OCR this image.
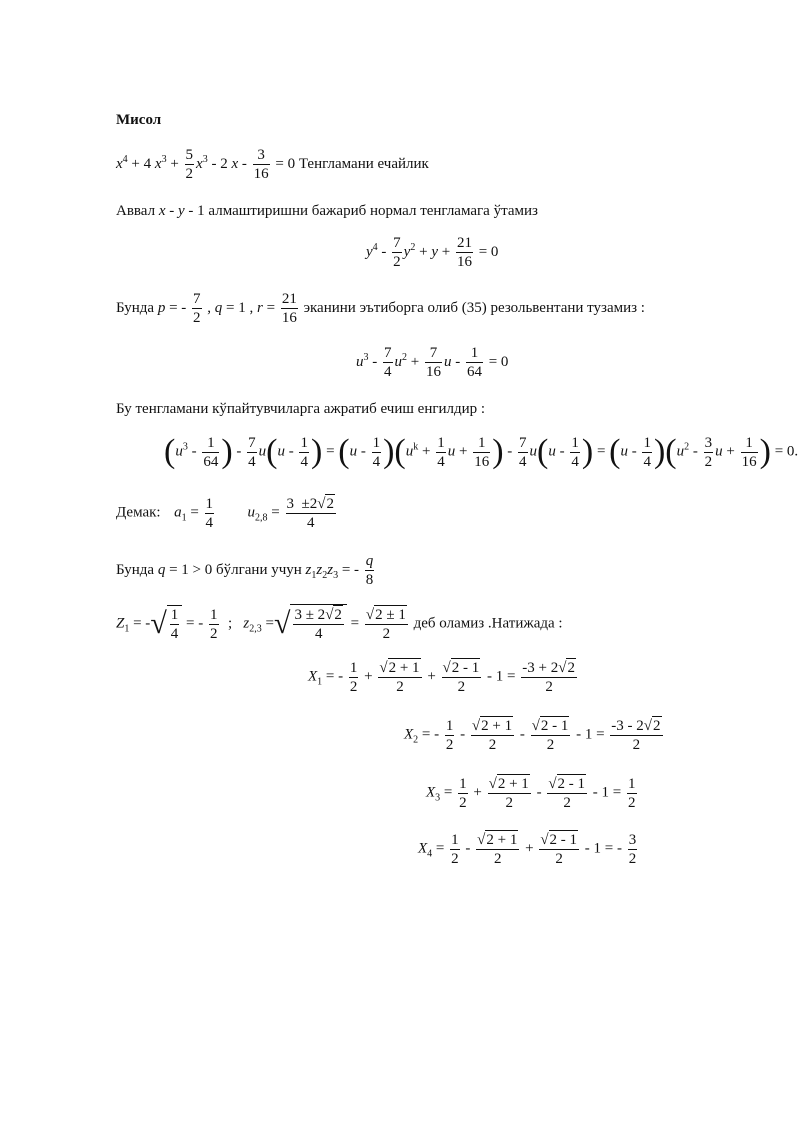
Мисол
$x^4 + 4$ $x^3 + \frac{5}{2} x^3 - 2$ $x - \frac{3}{16} = 0$ Тенгламани ечайлик
Аввал x - y - 1 алмаштиришни бажариб нормал тенгламага ўтамиз
$y^4 - \frac{7}{2} y^2 + y + \frac{21}{16} = 0$
Бунда p = - $\frac{7}{2}$ , q = 1 , $r = \frac{21}{16}$ эканини эътиборга олиб (35) резольвентани тузамиз :
$u^3 - \frac{7}{4} u^2 + \frac{7}{16}$ $u - \frac{1}{64} = 0$
Бу тенгламани кўпайтувчиларга ажратиб ечиш енгилдир :
($u^3 - \frac{1}{64}$ ) - $\frac{7}{4} u(u - \frac{1}{4}$ ) = $(u - \frac{1}{4} )(u^k + \frac{1}{4}$ $u + \frac{1}{16}$ ) - $\frac{7}{4} u(u - \frac{1}{4}$ ) = $(u - \frac{1}{4} )(u^2 - \frac{3}{2}$ $u + \frac{1}{16}$ ) = 0.
Демак: $a_1 = \frac{1}{4} u_{2,8} = \frac{3 \pm 2√2}{4}$
Бунда q = 1 > 0 бўлгани учун $z_1z_2z_3$ = - $\frac{q}{8}$
$Z_1$ = -√ $\frac{1}{4}$ = - $\frac{1}{2}$ ;   $z_{2,3}$ =√ $\frac{3 \pm 2√2}{4} = \frac{√2 \pm 1}{2}$ деб оламиз .Натижада :
$X_1$ = - $\frac{1}{2} + \frac{√2 + 1}{2} + \frac{√2 - 1}{2} - 1 = \frac{-3 + 2√2}{2}$
$X_2$ = - $\frac{1}{2} - \frac{√2 + 1}{2} - \frac{√2 - 1}{2} - 1 = \frac{-3 - 2√2}{2}$
$X_3 = \frac{1}{2} + \frac{√2 + 1}{2} - \frac{√2 - 1}{2} - 1 = \frac{1}{2}$
$X_4 = \frac{1}{2} - \frac{√2 + 1}{2} + \frac{√2 - 1}{2} - 1$ = - $\frac{3}{2}$
